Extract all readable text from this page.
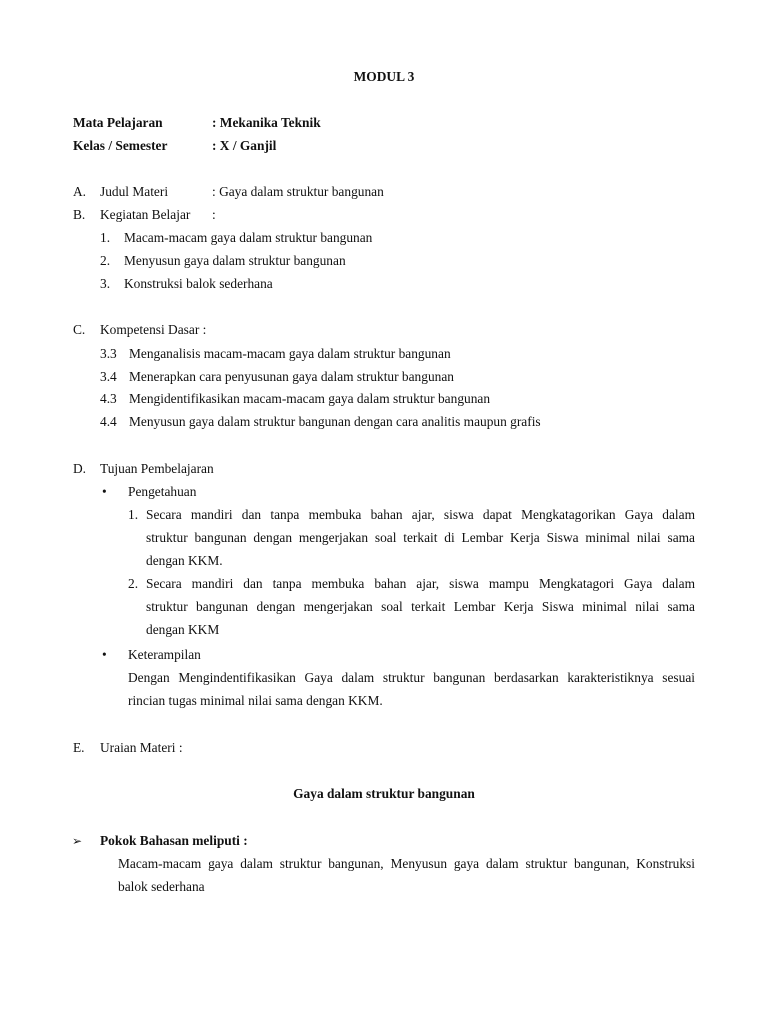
MODUL 3
Mata Pelajaran	: Mekanika Teknik
Kelas / Semester	: X / Ganjil
A. Judul Materi	: Gaya dalam struktur bangunan
B. Kegiatan Belajar :
1. Macam-macam gaya dalam struktur bangunan
2. Menyusun gaya dalam struktur bangunan
3. Konstruksi balok sederhana
C. Kompetensi Dasar :
3.3 Menganalisis macam-macam gaya dalam struktur bangunan
3.4 Menerapkan cara penyusunan gaya dalam struktur bangunan
4.3 Mengidentifikasikan macam-macam gaya dalam struktur bangunan
4.4 Menyusun gaya dalam struktur bangunan dengan cara analitis maupun grafis
D. Tujuan Pembelajaran
• Pengetahuan
1. Secara mandiri dan tanpa membuka bahan ajar, siswa dapat Mengkatagorikan Gaya dalam
struktur bangunan dengan mengerjakan soal terkait di Lembar Kerja Siswa minimal nilai sama
dengan KKM.
2. Secara mandiri dan tanpa membuka bahan ajar, siswa mampu Mengkatagori Gaya dalam
struktur bangunan dengan mengerjakan soal terkait Lembar Kerja Siswa minimal nilai sama
dengan KKM
• Keterampilan
Dengan Mengindentifikasikan Gaya dalam struktur bangunan berdasarkan karakteristiknya sesuai
rincian tugas minimal nilai sama dengan KKM.
E. Uraian Materi :
Gaya dalam struktur bangunan
➢ Pokok Bahasan meliputi :
Macam-macam gaya dalam struktur bangunan, Menyusun gaya dalam struktur bangunan, Konstruksi
balok sederhana
